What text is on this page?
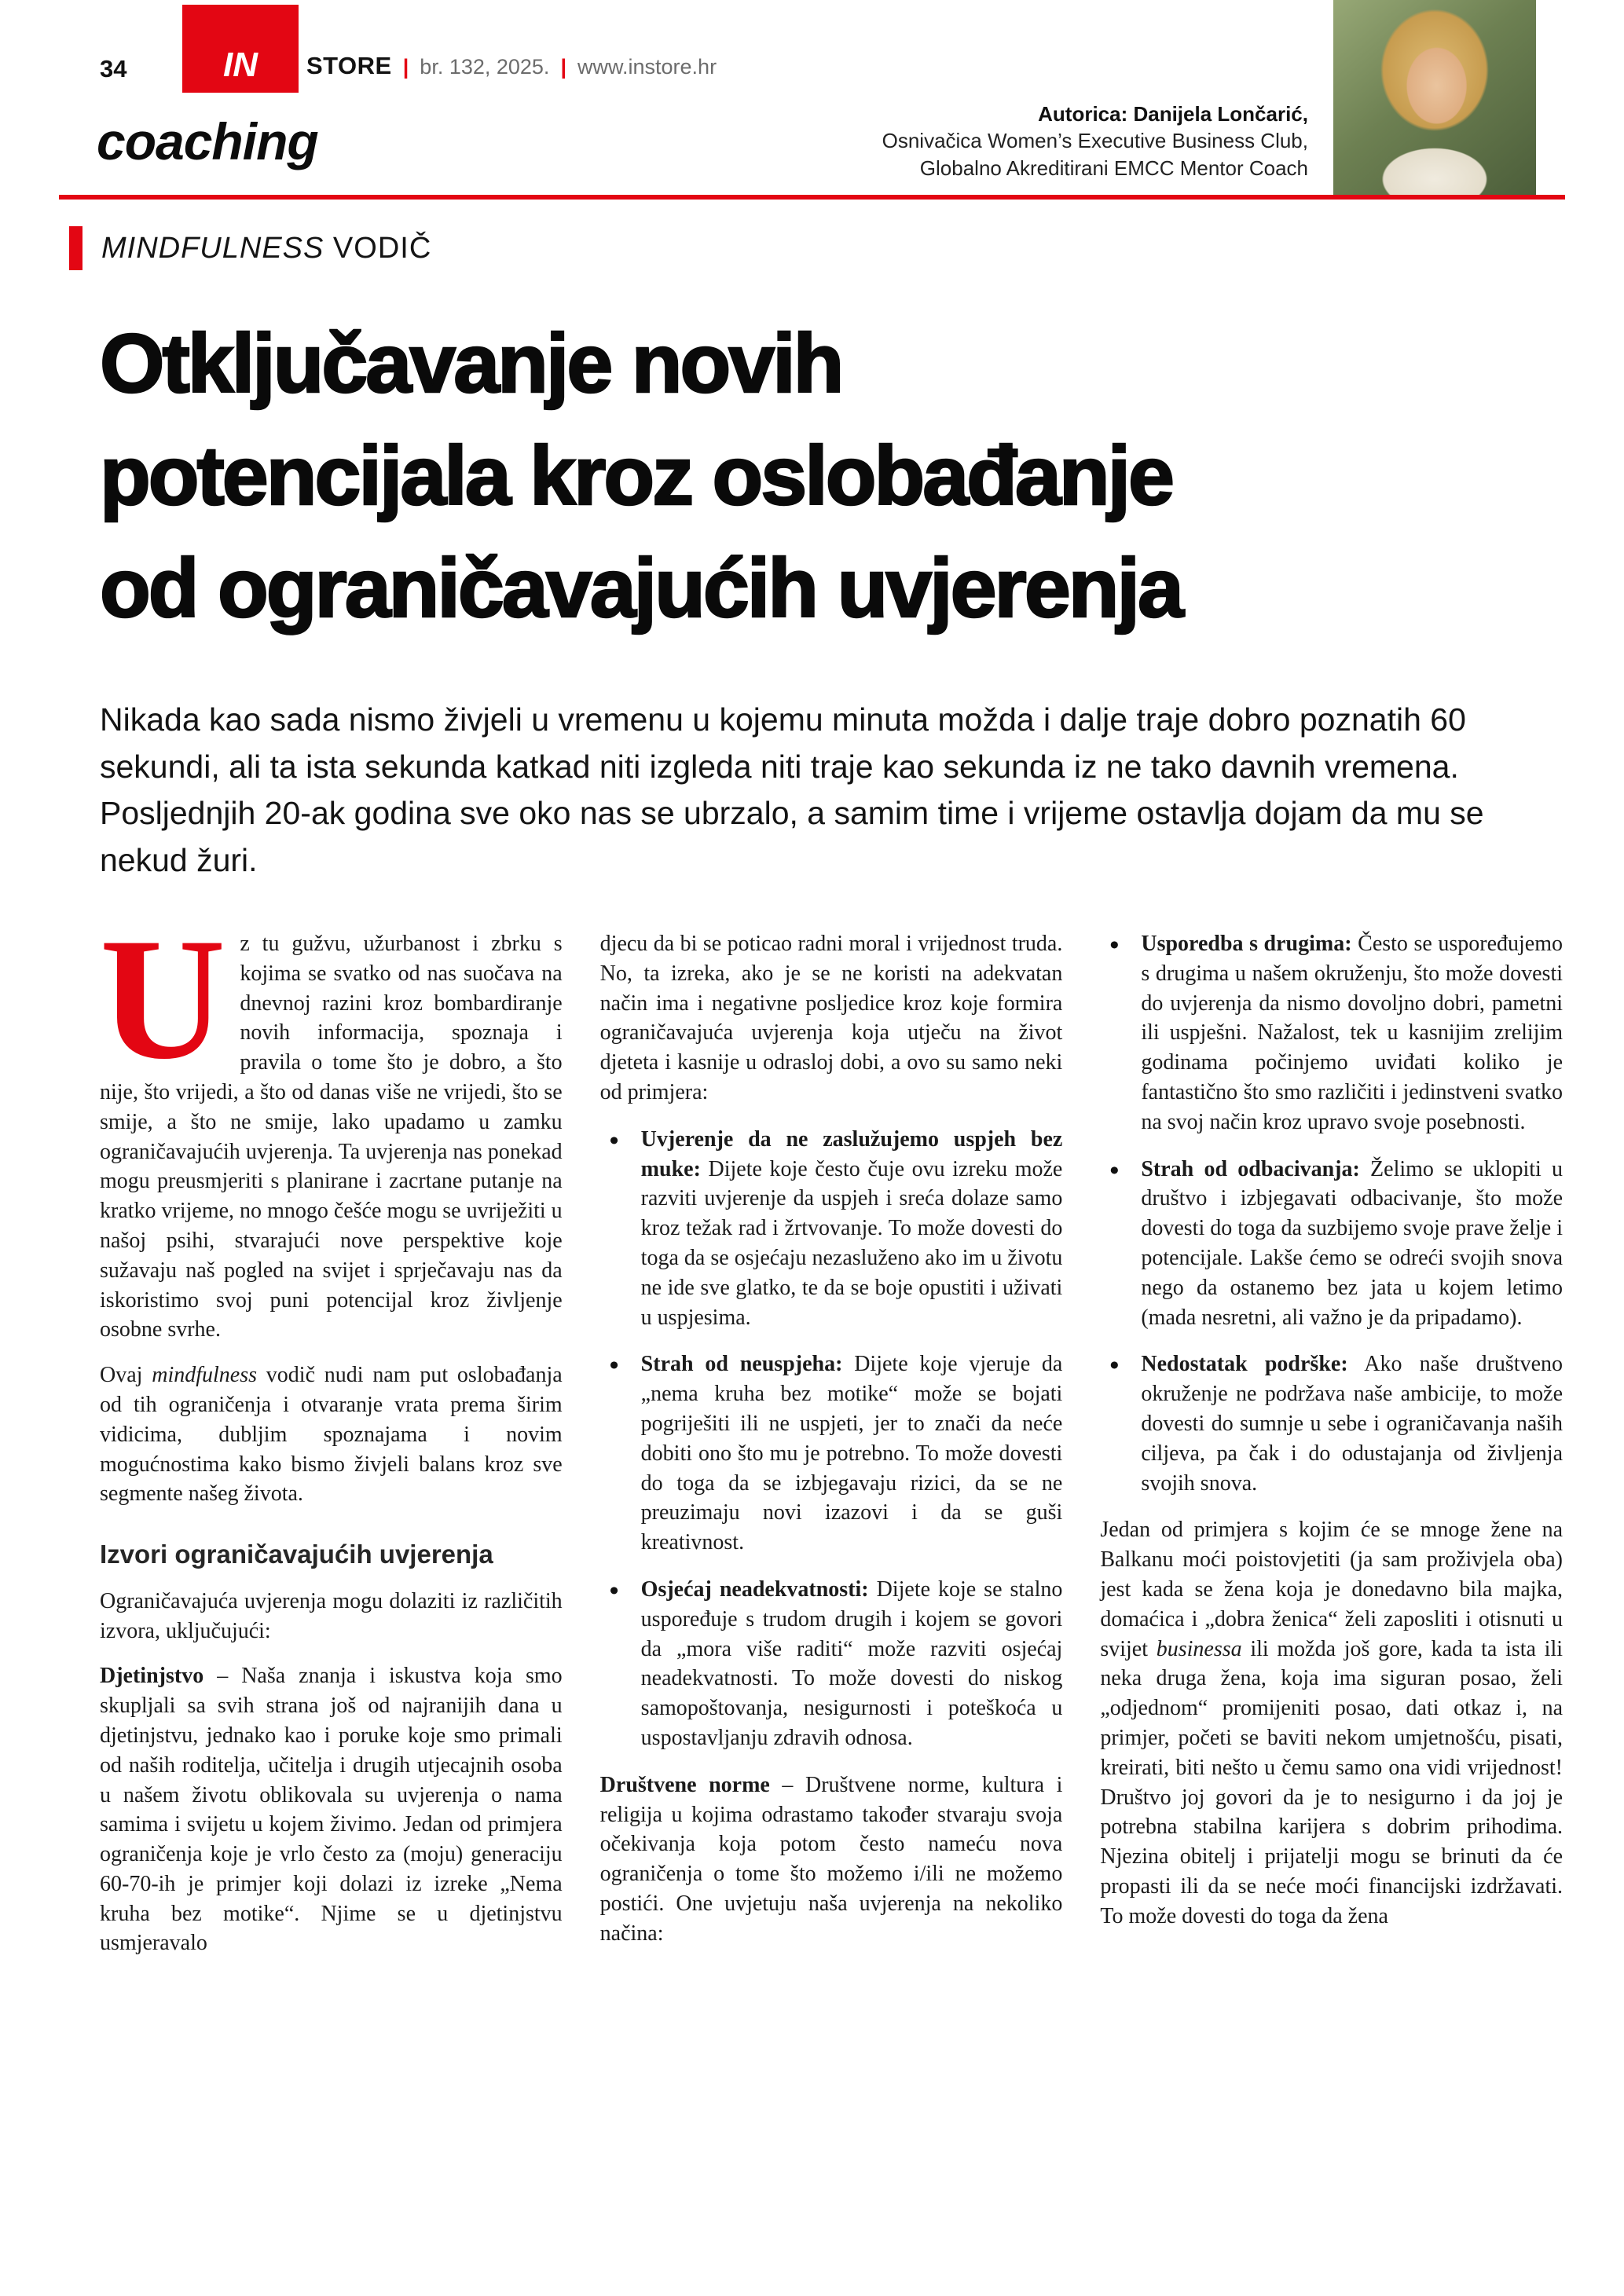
34	IN STORE | br. 132, 2025. | www.instore.hr
coaching	Autorica: Danijela Lončarić,
Osnivačica Women’s Executive Business Club,
Globalno Akreditirani EMCC Mentor Coach
MINDFULNESS VODIČ
Otključavanje novih
potencijala kroz oslobađanje
od ograničavajućih uvjerenja

Nikada kao sada nismo živjeli u vremenu u kojemu minuta možda i dalje traje dobro poznatih 60 sekundi, ali ta ista sekunda katkad niti izgleda niti traje kao sekunda iz ne tako davnih vremena. Posljednjih 20-ak godina sve oko nas se ubrzalo, a samim time i vrijeme ostavlja dojam da mu se nekud žuri.

Uz tu gužvu, užurbanost i zbrku s kojima se svatko od nas suočava na dnevnoj razini kroz bombardiranje novih informacija, spoznaja i pravila o tome što je dobro, a što nije, što vrijedi, a što od danas više ne vrijedi, što se smije, a što ne smije, lako upadamo u zamku ograničavajućih uvjerenja. Ta uvjerenja nas ponekad mogu preusmjeriti s planirane i zacrtane putanje na kratko vrijeme, no mnogo češće mogu se uvriježiti u našoj psihi, stvarajući nove perspektive koje sužavaju naš pogled na svijet i sprječavaju nas da iskoristimo svoj puni potencijal kroz življenje osobne svrhe.

Ovaj mindfulness vodič nudi nam put oslobađanja od tih ograničenja i otvaranje vrata prema širim vidicima, dubljim spoznajama i novim mogućnostima kako bismo živjeli balans kroz sve segmente našeg života.

Izvori ograničavajućih uvjerenja

Ograničavajuća uvjerenja mogu dolaziti iz različitih izvora, uključujući:

Djetinjstvo – Naša znanja i iskustva koja smo skupljali sa svih strana još od najranijih dana u djetinjstvu, jednako kao i poruke koje smo primali od naših roditelja, učitelja i drugih utjecajnih osoba u našem životu oblikovala su uvjerenja o nama samima i svijetu u kojem živimo. Jedan od primjera ograničenja koje je vrlo često za (moju) generaciju 60-70-ih je primjer koji dolazi iz izreke „Nema kruha bez motike“. Njime se u djetinjstvu usmjeravalo

djecu da bi se poticao radni moral i vrijednost truda. No, ta izreka, ako je se ne koristi na adekvatan način ima i negativne posljedice kroz koje formira ograničavajuća uvjerenja koja utječu na život djeteta i kasnije u odrasloj dobi, a ovo su samo neki od primjera:

• Uvjerenje da ne zaslužujemo uspjeh bez muke: Dijete koje često čuje ovu izreku može razviti uvjerenje da uspjeh i sreća dolaze samo kroz težak rad i žrtvovanje. To može dovesti do toga da se osjećaju nezasluženo ako im u životu ne ide sve glatko, te da se boje opustiti i uživati u uspjesima.
• Strah od neuspjeha: Dijete koje vjeruje da „nema kruha bez motike“ može se bojati pogriješiti ili ne uspjeti, jer to znači da neće dobiti ono što mu je potrebno. To može dovesti do toga da se izbjegavaju rizici, da se ne preuzimaju novi izazovi i da se guši kreativnost.
• Osjećaj neadekvatnosti: Dijete koje se stalno uspoređuje s trudom drugih i kojem se govori da „mora više raditi“ može razviti osjećaj neadekvatnosti. To može dovesti do niskog samopoštovanja, nesigurnosti i poteškoća u uspostavljanju zdravih odnosa.

Društvene norme – Društvene norme, kultura i religija u kojima odrastamo također stvaraju svoja očekivanja koja potom često nameću nova ograničenja o tome što možemo i/ili ne možemo postići. One uvjetuju naša uvjerenja na nekoliko načina:

• Usporedba s drugima: Često se uspoređujemo s drugima u našem okruženju, što može dovesti do uvjerenja da nismo dovoljno dobri, pametni ili uspješni. Nažalost, tek u kasnijim zrelijim godinama počinjemo uviđati koliko je fantastično što smo različiti i jedinstveni svatko na svoj način kroz upravo svoje posebnosti.
• Strah od odbacivanja: Želimo se uklopiti u društvo i izbjegavati odbacivanje, što može dovesti do toga da suzbijemo svoje prave želje i potencijale. Lakše ćemo se odreći svojih snova nego da ostanemo bez jata u kojem letimo (mada nesretni, ali važno je da pripadamo).
• Nedostatak podrške: Ako naše društveno okruženje ne podržava naše ambicije, to može dovesti do sumnje u sebe i ograničavanja naših ciljeva, pa čak i do odustajanja od življenja svojih snova.

Jedan od primjera s kojim će se mnoge žene na Balkanu moći poistovjetiti (ja sam proživjela oba) jest kada se žena koja je donedavno bila majka, domaćica i „dobra ženica“ želi zaposliti i otisnuti u svijet businessa ili možda još gore, kada ta ista ili neka druga žena, koja ima siguran posao, želi „odjednom“ promijeniti posao, dati otkaz i, na primjer, početi se baviti nekom umjetnošću, pisati, kreirati, biti nešto u čemu samo ona vidi vrijednost! Društvo joj govori da je to nesigurno i da joj je potrebna stabilna karijera s dobrim prihodima. Njezina obitelj i prijatelji mogu se brinuti da će propasti ili da se neće moći financijski izdržavati. To može dovesti do toga da žena
